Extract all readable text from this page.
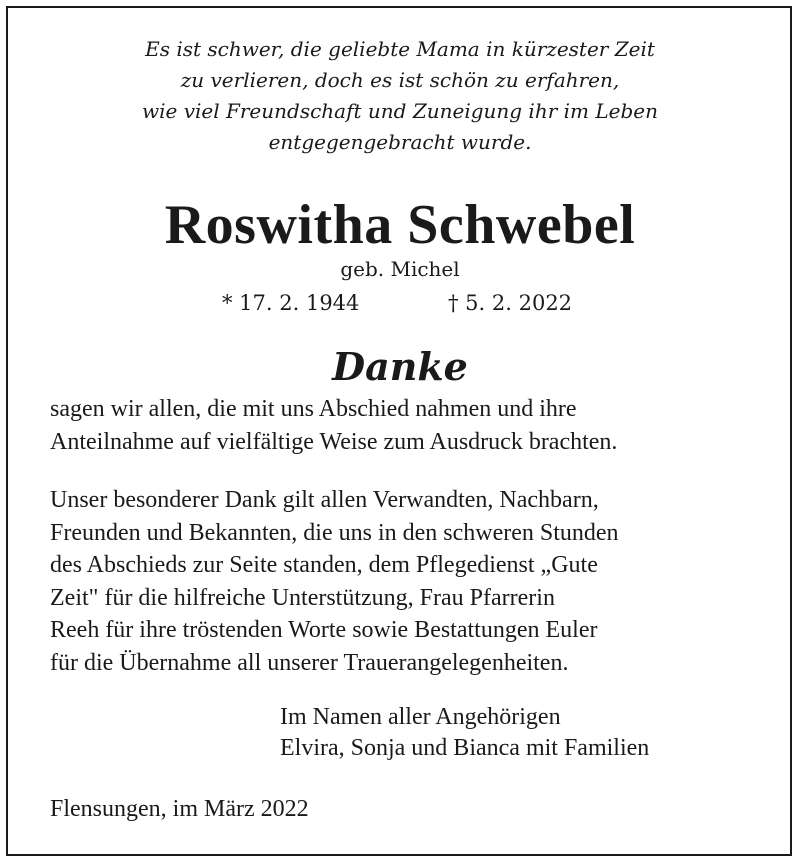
Es ist schwer, die geliebte Mama in kürzester Zeit
zu verlieren, doch es ist schön zu erfahren,
wie viel Freundschaft und Zuneigung ihr im Leben
entgegengebracht wurde.
Roswitha Schwebel
geb. Michel
* 17. 2. 1944	† 5. 2. 2022
Danke
sagen wir allen, die mit uns Abschied nahmen und ihre
Anteilnahme auf vielfältige Weise zum Ausdruck brachten.
Unser besonderer Dank gilt allen Verwandten, Nachbarn,
Freunden und Bekannten, die uns in den schweren Stunden
des Abschieds zur Seite standen, dem Pflegedienst „Gute
Zeit" für die hilfreiche Unterstützung, Frau Pfarrerin
Reeh für ihre tröstenden Worte sowie Bestattungen Euler
für die Übernahme all unserer Trauerangelegenheiten.
Im Namen aller Angehörigen
Elvira, Sonja und Bianca mit Familien
Flensungen, im März 2022
